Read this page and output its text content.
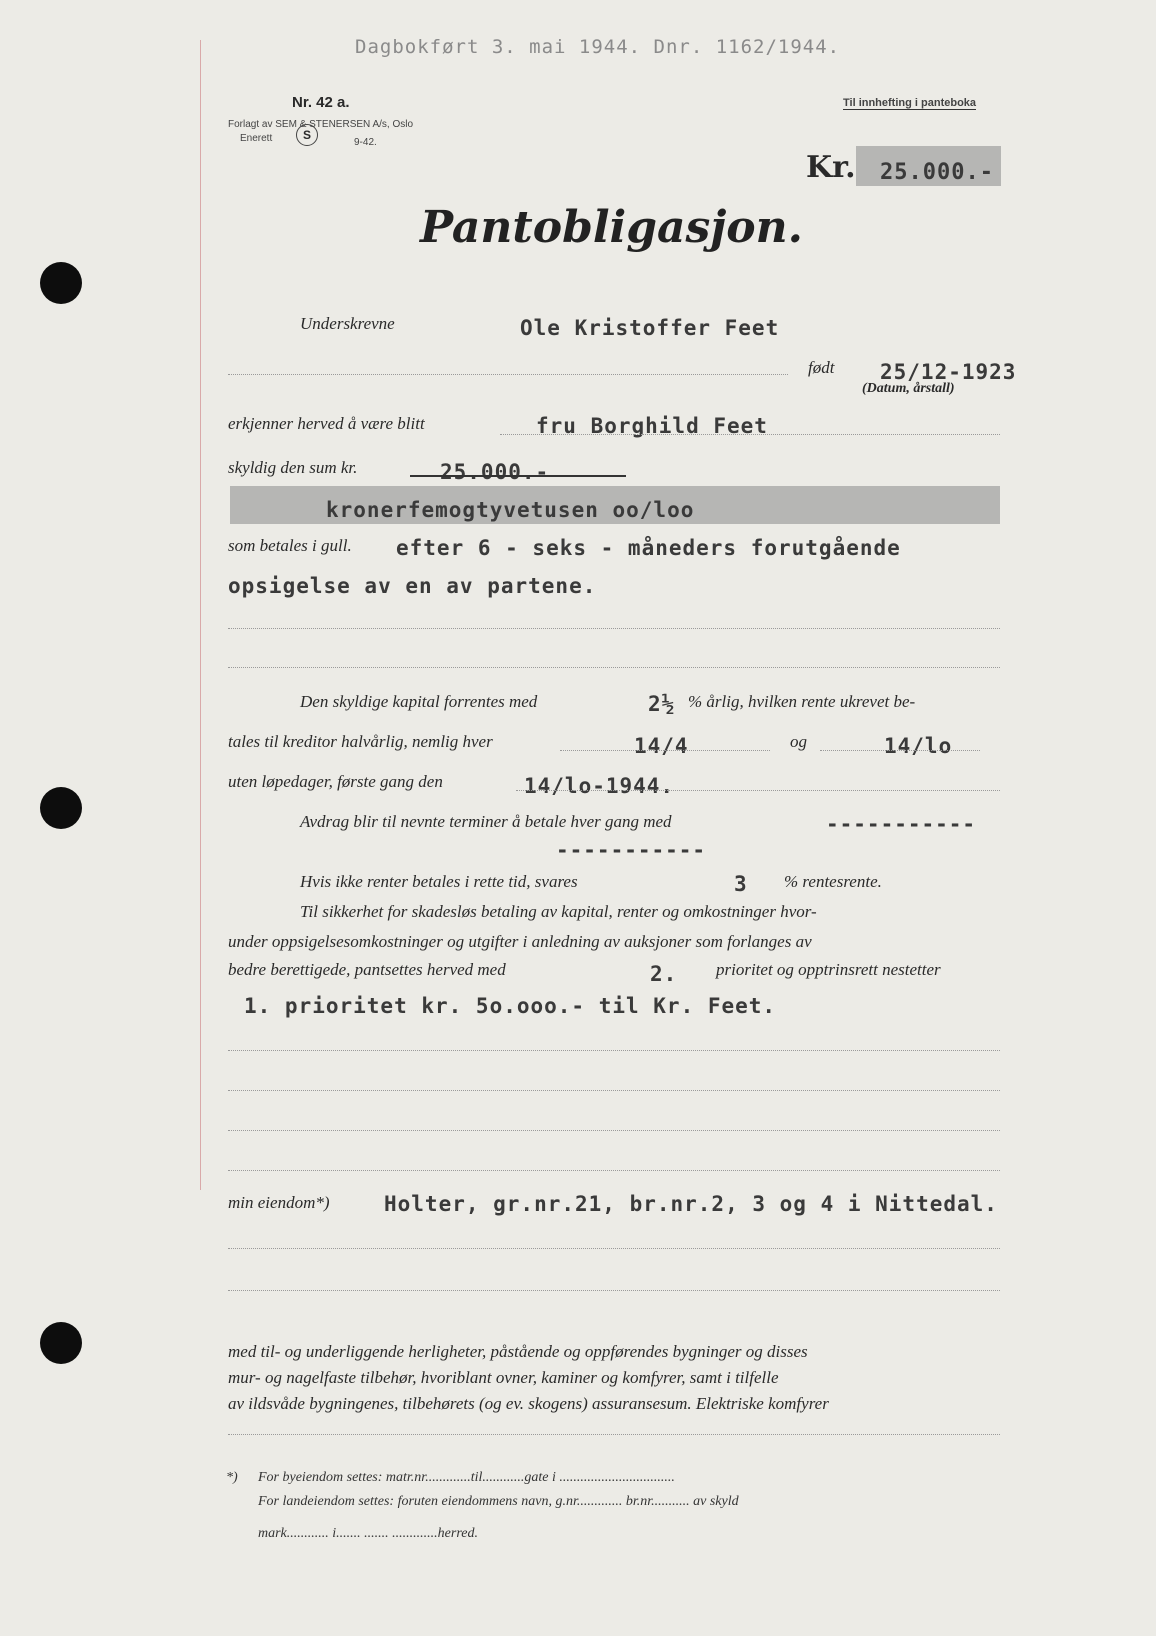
Dagbokført 3. mai 1944. Dnr. 1162/1944.
Nr. 42 a.
Forlagt av SEM & STENERSEN A/s, Oslo
Enerett	S
9-42.
Til innhefting i panteboka
Kr. 25.000.-
Pantobligasjon.
Underskrevne	Ole Kristoffer Feet
født 25/12-1923
(Datum, årstall)
erkjenner herved å være blitt	fru Borghild Feet
skyldig den sum kr.	25.000.-
kronerfemogtyvetusen oo/loo
som betales i gull. efter 6 - seks - måneders forutgående
opsigelse av en av partene.
Den skyldige kapital forrentes med	2½ % årlig, hvilken rente ukrevet be-
tales til kreditor halvårlig, nemlig hver	14/4	og	14/lo
uten løpedager, første gang den	14/lo-1944.
Avdrag blir til nevnte terminer å betale hver gang med	-----------
-----------
Hvis ikke renter betales i rette tid, svares	3 % rentesrente.
Til sikkerhet for skadesløs betaling av kapital, renter og omkostninger hvor-
under oppsigelsesomkostninger og utgifter i anledning av auksjoner som forlanges av
bedre berettigede, pantsettes herved med	2. prioritet og opptrinsrett nestetter
1. prioritet kr. 5o.ooo.- til Kr. Feet.
min eiendom*)	Holter, gr.nr.21, br.nr.2, 3 og 4 i Nittedal.
med til- og underliggende herligheter, påstående og oppførendes bygninger og disses
mur- og nagelfaste tilbehør, hvoriblant ovner, kaminer og komfyrer, samt i tilfelle
av ildsvåde bygningenes, tilbehørets (og ev. skogens) assuransesum. Elektriske komfyrer
*) For byeiendom settes: matr.nr.............til............gate i .................................
For landeiendom settes: foruten eiendommens navn, g.nr............. br.nr........... av skyld
mark............ i....... ....... .............herred.
